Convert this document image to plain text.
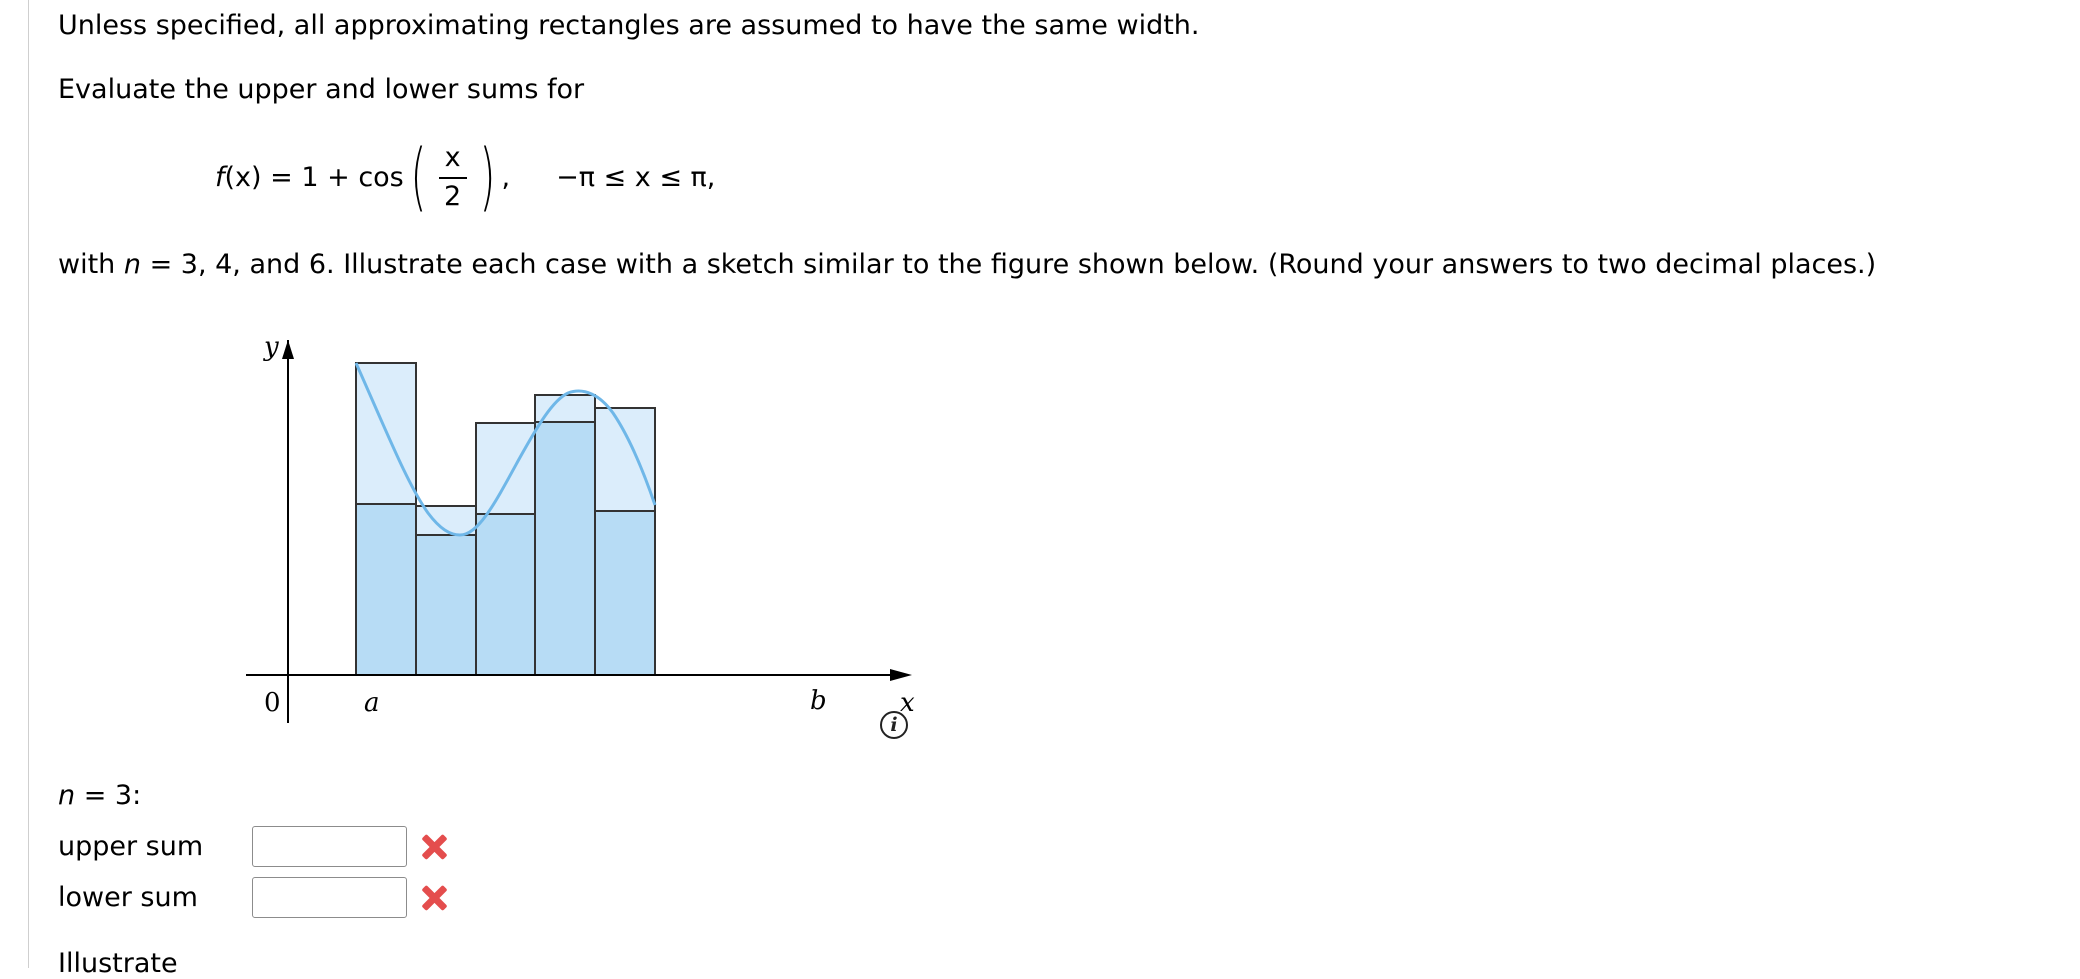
Unless specified, all approximating rectangles are assumed to have the same width.
Evaluate the upper and lower sums for
f (x) = 1 + cos ( $\frac{x}{2}$ ) , −π ≤ x ≤ π,
with n = 3, 4, and 6. Illustrate each case with a sketch similar to the figure shown below. (Round your answers to two decimal places.)
y
x
0	a	b
i
n = 3:
upper sum
lower sum
Illustrate
